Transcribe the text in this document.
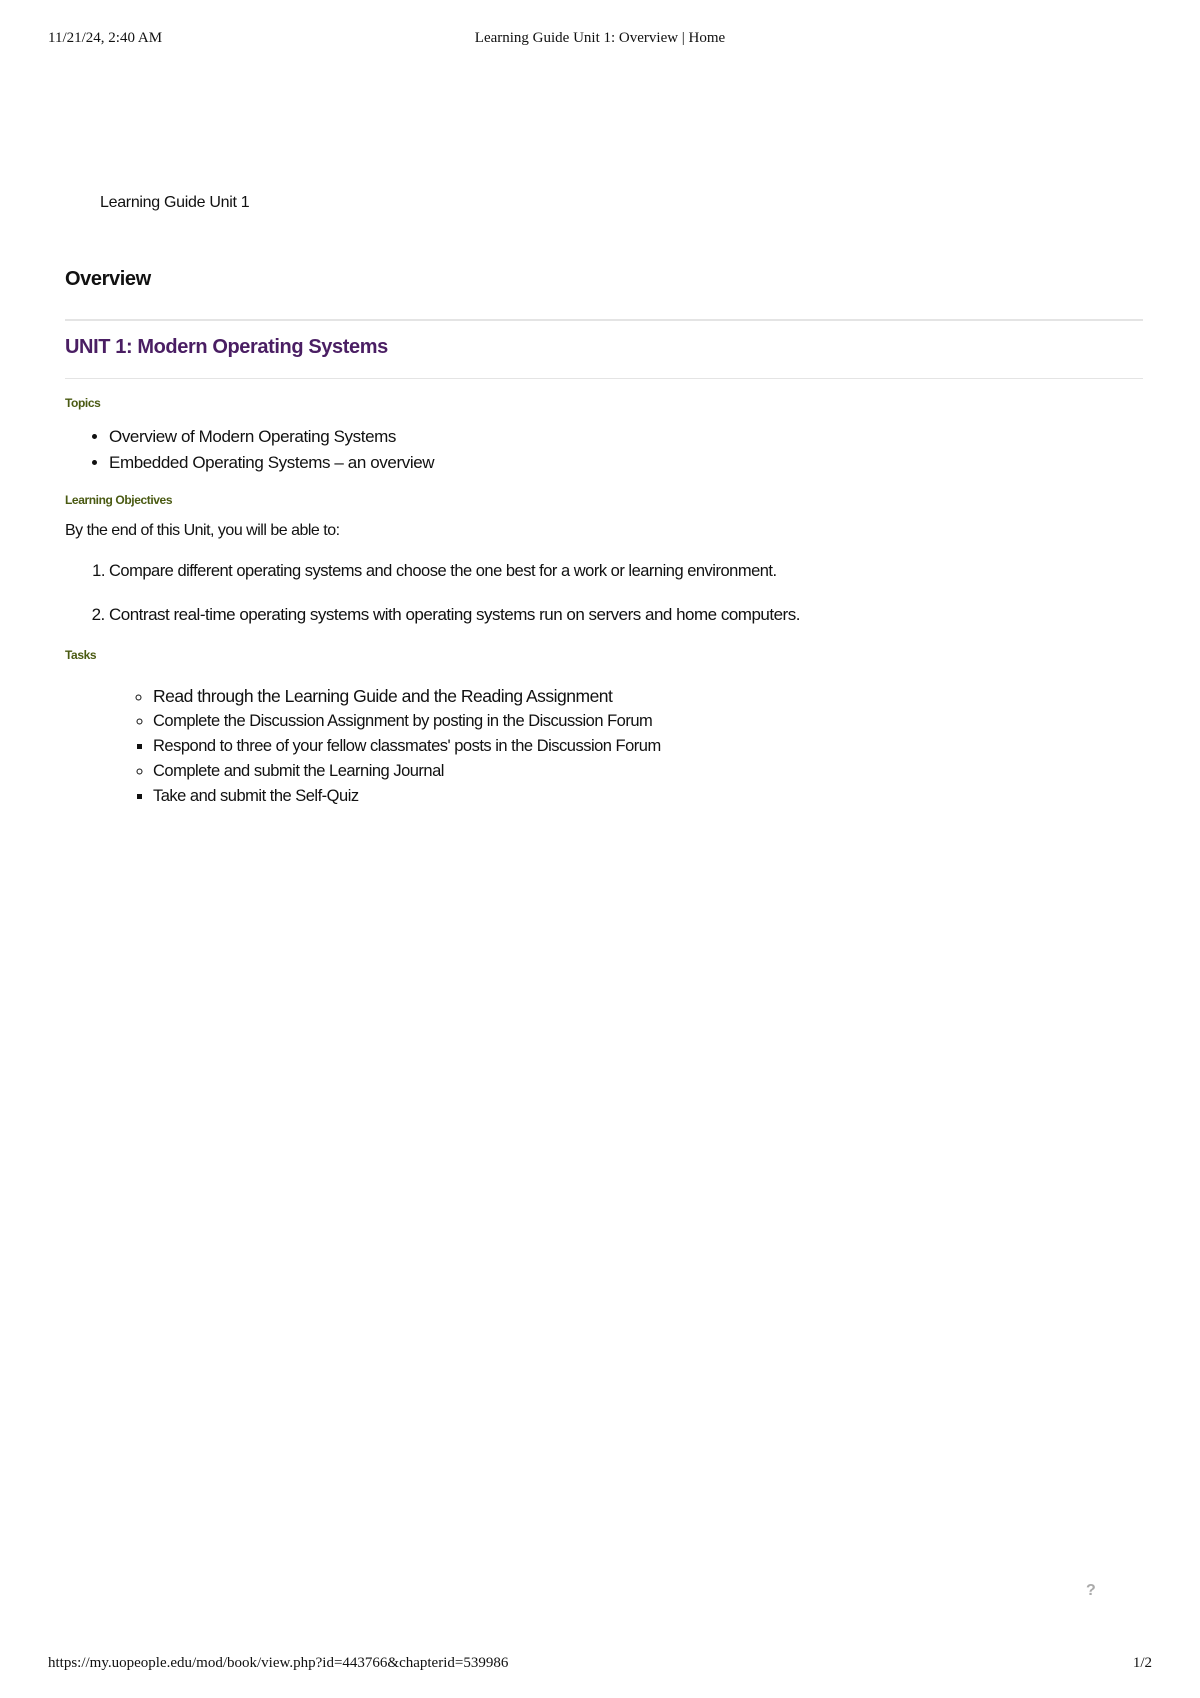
11/21/24, 2:40 AM	Learning Guide Unit 1: Overview | Home
Learning Guide Unit 1
Overview
UNIT 1: Modern Operating Systems
Topics
• Overview of Modern Operating Systems
• Embedded Operating Systems – an overview
Learning Objectives

By the end of this Unit, you will be able to:

1. Compare different operating systems and choose the one best for a work or learning environment.
2. Contrast real-time operating systems with operating systems run on servers and home computers.
Tasks
◦ Read through the Learning Guide and the Reading Assignment
◦ Complete the Discussion Assignment by posting in the Discussion Forum
▪ Respond to three of your fellow classmates' posts in the Discussion Forum
◦ Complete and submit the Learning Journal
▪ Take and submit the Self-Quiz
?
https://my.uopeople.edu/mod/book/view.php?id=443766&chapterid=539986	1/2
